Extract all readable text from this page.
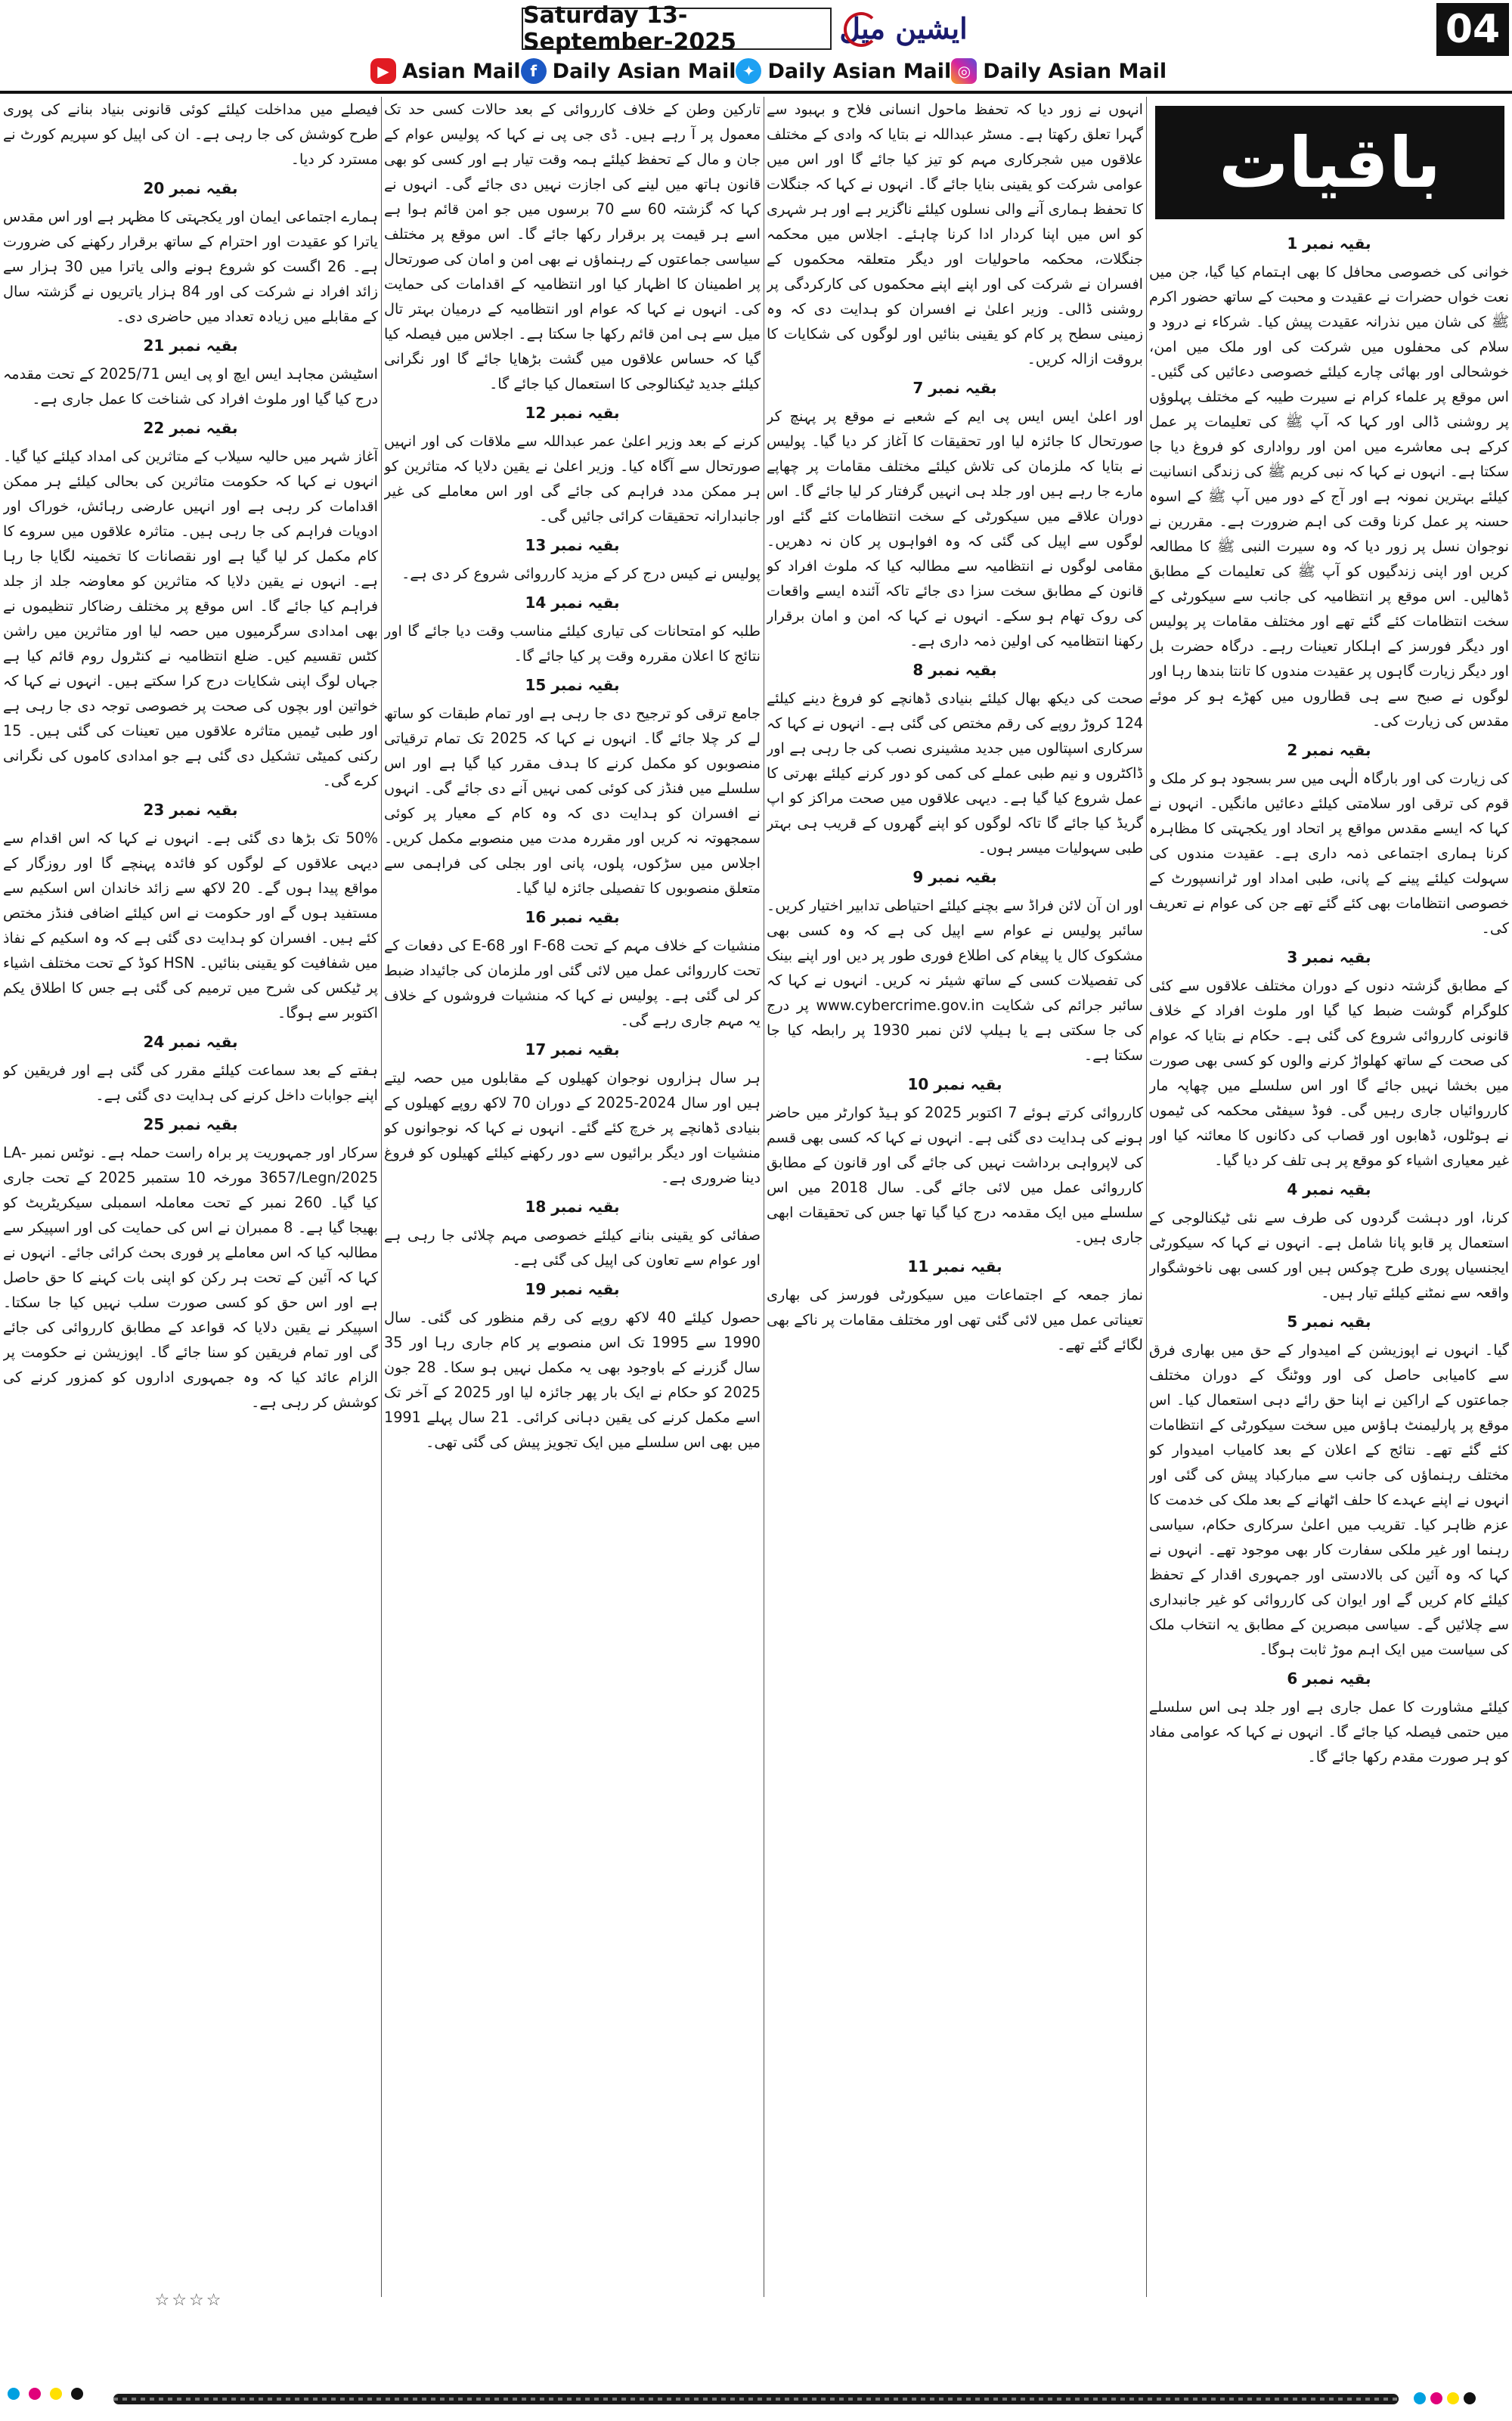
Saturday 13-September-2025	ایشین میل	04
▶ Asian Mail f Daily Asian Mail ✦ Daily Asian Mail ◎ Daily Asian Mail
باقیات
بقیہ نمبر 1

خوانی کی خصوصی محافل کا بھی اہتمام کیا گیا، جن میں نعت خواں حضرات نے عقیدت و محبت کے ساتھ حضور اکرم ﷺ کی شان میں نذرانہ عقیدت پیش کیا۔ شرکاء نے درود و سلام کی محفلوں میں شرکت کی اور ملک میں امن، خوشحالی اور بھائی چارے کیلئے خصوصی دعائیں کی گئیں۔ اس موقع پر علماء کرام نے سیرت طیبہ کے مختلف پہلوؤں پر روشنی ڈالی اور کہا کہ آپ ﷺ کی تعلیمات پر عمل کرکے ہی معاشرے میں امن اور رواداری کو فروغ دیا جا سکتا ہے۔ انہوں نے کہا کہ نبی کریم ﷺ کی زندگی انسانیت کیلئے بہترین نمونہ ہے اور آج کے دور میں آپ ﷺ کے اسوہ حسنہ پر عمل کرنا وقت کی اہم ضرورت ہے۔ مقررین نے نوجوان نسل پر زور دیا کہ وہ سیرت النبی ﷺ کا مطالعہ کریں اور اپنی زندگیوں کو آپ ﷺ کی تعلیمات کے مطابق ڈھالیں۔ اس موقع پر انتظامیہ کی جانب سے سیکورٹی کے سخت انتظامات کئے گئے تھے اور مختلف مقامات پر پولیس اور دیگر فورسز کے اہلکار تعینات رہے۔ درگاہ حضرت بل اور دیگر زیارت گاہوں پر عقیدت مندوں کا تانتا بندھا رہا اور لوگوں نے صبح سے ہی قطاروں میں کھڑے ہو کر موئے مقدس کی زیارت کی۔

بقیہ نمبر 2

کی زیارت کی اور بارگاہ الٰہی میں سر بسجود ہو کر ملک و قوم کی ترقی اور سلامتی کیلئے دعائیں مانگیں۔ انہوں نے کہا کہ ایسے مقدس مواقع پر اتحاد اور یکجہتی کا مظاہرہ کرنا ہماری اجتماعی ذمہ داری ہے۔ عقیدت مندوں کی سہولت کیلئے پینے کے پانی، طبی امداد اور ٹرانسپورٹ کے خصوصی انتظامات بھی کئے گئے تھے جن کی عوام نے تعریف کی۔

بقیہ نمبر 3

کے مطابق گزشتہ دنوں کے دوران مختلف علاقوں سے کئی کلوگرام گوشت ضبط کیا گیا اور ملوث افراد کے خلاف قانونی کارروائی شروع کی گئی ہے۔ حکام نے بتایا کہ عوام کی صحت کے ساتھ کھلواڑ کرنے والوں کو کسی بھی صورت میں بخشا نہیں جائے گا اور اس سلسلے میں چھاپہ مار کارروائیاں جاری رہیں گی۔ فوڈ سیفٹی محکمہ کی ٹیموں نے ہوٹلوں، ڈھابوں اور قصاب کی دکانوں کا معائنہ کیا اور غیر معیاری اشیاء کو موقع پر ہی تلف کر دیا گیا۔

بقیہ نمبر 4

کرنا، اور دہشت گردوں کی طرف سے نئی ٹیکنالوجی کے استعمال پر قابو پانا شامل ہے۔ انہوں نے کہا کہ سیکورٹی ایجنسیاں پوری طرح چوکس ہیں اور کسی بھی ناخوشگوار واقعہ سے نمٹنے کیلئے تیار ہیں۔

بقیہ نمبر 5

گیا۔ انہوں نے اپوزیشن کے امیدوار کے حق میں بھاری فرق سے کامیابی حاصل کی اور ووٹنگ کے دوران مختلف جماعتوں کے اراکین نے اپنا حق رائے دہی استعمال کیا۔ اس موقع پر پارلیمنٹ ہاؤس میں سخت سیکورٹی کے انتظامات کئے گئے تھے۔ نتائج کے اعلان کے بعد کامیاب امیدوار کو مختلف رہنماؤں کی جانب سے مبارکباد پیش کی گئی اور انہوں نے اپنے عہدے کا حلف اٹھانے کے بعد ملک کی خدمت کا عزم ظاہر کیا۔ تقریب میں اعلیٰ سرکاری حکام، سیاسی رہنما اور غیر ملکی سفارت کار بھی موجود تھے۔ انہوں نے کہا کہ وہ آئین کی بالادستی اور جمہوری اقدار کے تحفظ کیلئے کام کریں گے اور ایوان کی کارروائی کو غیر جانبداری سے چلائیں گے۔ سیاسی مبصرین کے مطابق یہ انتخاب ملک کی سیاست میں ایک اہم موڑ ثابت ہوگا۔

بقیہ نمبر 6

کیلئے مشاورت کا عمل جاری ہے اور جلد ہی اس سلسلے میں حتمی فیصلہ کیا جائے گا۔ انہوں نے کہا کہ عوامی مفاد کو ہر صورت مقدم رکھا جائے گا۔

انہوں نے زور دیا کہ تحفظ ماحول انسانی فلاح و بہبود سے گہرا تعلق رکھتا ہے۔ مسٹر عبداللہ نے بتایا کہ وادی کے مختلف علاقوں میں شجرکاری مہم کو تیز کیا جائے گا اور اس میں عوامی شرکت کو یقینی بنایا جائے گا۔ انہوں نے کہا کہ جنگلات کا تحفظ ہماری آنے والی نسلوں کیلئے ناگزیر ہے اور ہر شہری کو اس میں اپنا کردار ادا کرنا چاہئے۔ اجلاس میں محکمہ جنگلات، محکمہ ماحولیات اور دیگر متعلقہ محکموں کے افسران نے شرکت کی اور اپنے اپنے محکموں کی کارکردگی پر روشنی ڈالی۔ وزیر اعلیٰ نے افسران کو ہدایت دی کہ وہ زمینی سطح پر کام کو یقینی بنائیں اور لوگوں کی شکایات کا بروقت ازالہ کریں۔

بقیہ نمبر 7

اور اعلیٰ ایس ایس پی ایم کے شعبے نے موقع پر پہنچ کر صورتحال کا جائزہ لیا اور تحقیقات کا آغاز کر دیا گیا۔ پولیس نے بتایا کہ ملزمان کی تلاش کیلئے مختلف مقامات پر چھاپے مارے جا رہے ہیں اور جلد ہی انہیں گرفتار کر لیا جائے گا۔ اس دوران علاقے میں سیکورٹی کے سخت انتظامات کئے گئے اور لوگوں سے اپیل کی گئی کہ وہ افواہوں پر کان نہ دھریں۔ مقامی لوگوں نے انتظامیہ سے مطالبہ کیا کہ ملوث افراد کو قانون کے مطابق سخت سزا دی جائے تاکہ آئندہ ایسے واقعات کی روک تھام ہو سکے۔ انہوں نے کہا کہ امن و امان برقرار رکھنا انتظامیہ کی اولین ذمہ داری ہے۔

بقیہ نمبر 8

صحت کی دیکھ بھال کیلئے بنیادی ڈھانچے کو فروغ دینے کیلئے 124 کروڑ روپے کی رقم مختص کی گئی ہے۔ انہوں نے کہا کہ سرکاری اسپتالوں میں جدید مشینری نصب کی جا رہی ہے اور ڈاکٹروں و نیم طبی عملے کی کمی کو دور کرنے کیلئے بھرتی کا عمل شروع کیا گیا ہے۔ دیہی علاقوں میں صحت مراکز کو اپ گریڈ کیا جائے گا تاکہ لوگوں کو اپنے گھروں کے قریب ہی بہتر طبی سہولیات میسر ہوں۔

بقیہ نمبر 9

اور ان آن لائن فراڈ سے بچنے کیلئے احتیاطی تدابیر اختیار کریں۔ سائبر پولیس نے عوام سے اپیل کی ہے کہ وہ کسی بھی مشکوک کال یا پیغام کی اطلاع فوری طور پر دیں اور اپنے بینک کی تفصیلات کسی کے ساتھ شیئر نہ کریں۔ انہوں نے کہا کہ سائبر جرائم کی شکایت www.cybercrime.gov.in پر درج کی جا سکتی ہے یا ہیلپ لائن نمبر 1930 پر رابطہ کیا جا سکتا ہے۔

بقیہ نمبر 10

کارروائی کرتے ہوئے 7 اکتوبر 2025 کو ہیڈ کوارٹر میں حاضر ہونے کی ہدایت دی گئی ہے۔ انہوں نے کہا کہ کسی بھی قسم کی لاپرواہی برداشت نہیں کی جائے گی اور قانون کے مطابق کارروائی عمل میں لائی جائے گی۔ سال 2018 میں اس سلسلے میں ایک مقدمہ درج کیا گیا تھا جس کی تحقیقات ابھی جاری ہیں۔

بقیہ نمبر 11

نماز جمعہ کے اجتماعات میں سیکورٹی فورسز کی بھاری تعیناتی عمل میں لائی گئی تھی اور مختلف مقامات پر ناکے بھی لگائے گئے تھے۔

تارکین وطن کے خلاف کارروائی کے بعد حالات کسی حد تک معمول پر آ رہے ہیں۔ ڈی جی پی نے کہا کہ پولیس عوام کے جان و مال کے تحفظ کیلئے ہمہ وقت تیار ہے اور کسی کو بھی قانون ہاتھ میں لینے کی اجازت نہیں دی جائے گی۔ انہوں نے کہا کہ گزشتہ 60 سے 70 برسوں میں جو امن قائم ہوا ہے اسے ہر قیمت پر برقرار رکھا جائے گا۔ اس موقع پر مختلف سیاسی جماعتوں کے رہنماؤں نے بھی امن و امان کی صورتحال پر اطمینان کا اظہار کیا اور انتظامیہ کے اقدامات کی حمایت کی۔ انہوں نے کہا کہ عوام اور انتظامیہ کے درمیان بہتر تال میل سے ہی امن قائم رکھا جا سکتا ہے۔ اجلاس میں فیصلہ کیا گیا کہ حساس علاقوں میں گشت بڑھایا جائے گا اور نگرانی کیلئے جدید ٹیکنالوجی کا استعمال کیا جائے گا۔

بقیہ نمبر 12

کرنے کے بعد وزیر اعلیٰ عمر عبداللہ سے ملاقات کی اور انہیں صورتحال سے آگاہ کیا۔ وزیر اعلیٰ نے یقین دلایا کہ متاثرین کو ہر ممکن مدد فراہم کی جائے گی اور اس معاملے کی غیر جانبدارانہ تحقیقات کرائی جائیں گی۔

بقیہ نمبر 13

پولیس نے کیس درج کر کے مزید کارروائی شروع کر دی ہے۔

بقیہ نمبر 14

طلبہ کو امتحانات کی تیاری کیلئے مناسب وقت دیا جائے گا اور نتائج کا اعلان مقررہ وقت پر کیا جائے گا۔

بقیہ نمبر 15

جامع ترقی کو ترجیح دی جا رہی ہے اور تمام طبقات کو ساتھ لے کر چلا جائے گا۔ انہوں نے کہا کہ 2025 تک تمام ترقیاتی منصوبوں کو مکمل کرنے کا ہدف مقرر کیا گیا ہے اور اس سلسلے میں فنڈز کی کوئی کمی نہیں آنے دی جائے گی۔ انہوں نے افسران کو ہدایت دی کہ وہ کام کے معیار پر کوئی سمجھوتہ نہ کریں اور مقررہ مدت میں منصوبے مکمل کریں۔ اجلاس میں سڑکوں، پلوں، پانی اور بجلی کی فراہمی سے متعلق منصوبوں کا تفصیلی جائزہ لیا گیا۔

بقیہ نمبر 16

منشیات کے خلاف مہم کے تحت 68-F اور 68-E کی دفعات کے تحت کارروائی عمل میں لائی گئی اور ملزمان کی جائیداد ضبط کر لی گئی ہے۔ پولیس نے کہا کہ منشیات فروشوں کے خلاف یہ مہم جاری رہے گی۔

بقیہ نمبر 17

ہر سال ہزاروں نوجوان کھیلوں کے مقابلوں میں حصہ لیتے ہیں اور سال 2024-2025 کے دوران 70 لاکھ روپے کھیلوں کے بنیادی ڈھانچے پر خرچ کئے گئے۔ انہوں نے کہا کہ نوجوانوں کو منشیات اور دیگر برائیوں سے دور رکھنے کیلئے کھیلوں کو فروغ دینا ضروری ہے۔

بقیہ نمبر 18

صفائی کو یقینی بنانے کیلئے خصوصی مہم چلائی جا رہی ہے اور عوام سے تعاون کی اپیل کی گئی ہے۔

بقیہ نمبر 19

حصول کیلئے 40 لاکھ روپے کی رقم منظور کی گئی۔ سال 1990 سے 1995 تک اس منصوبے پر کام جاری رہا اور 35 سال گزرنے کے باوجود بھی یہ مکمل نہیں ہو سکا۔ 28 جون 2025 کو حکام نے ایک بار پھر جائزہ لیا اور 2025 کے آخر تک اسے مکمل کرنے کی یقین دہانی کرائی۔ 21 سال پہلے 1991 میں بھی اس سلسلے میں ایک تجویز پیش کی گئی تھی۔

فیصلے میں مداخلت کیلئے کوئی قانونی بنیاد بنانے کی پوری طرح کوشش کی جا رہی ہے۔ ان کی اپیل کو سپریم کورٹ نے مسترد کر دیا۔

بقیہ نمبر 20

ہمارے اجتماعی ایمان اور یکجہتی کا مظہر ہے اور اس مقدس یاترا کو عقیدت اور احترام کے ساتھ برقرار رکھنے کی ضرورت ہے۔ 26 اگست کو شروع ہونے والی یاترا میں 30 ہزار سے زائد افراد نے شرکت کی اور 84 ہزار یاتریوں نے گزشتہ سال کے مقابلے میں زیادہ تعداد میں حاضری دی۔

بقیہ نمبر 21

اسٹیشن مجاہد ایس ایچ او پی ایس 2025/71 کے تحت مقدمہ درج کیا گیا اور ملوث افراد کی شناخت کا عمل جاری ہے۔

بقیہ نمبر 22

آغاز شہر میں حالیہ سیلاب کے متاثرین کی امداد کیلئے کیا گیا۔ انہوں نے کہا کہ حکومت متاثرین کی بحالی کیلئے ہر ممکن اقدامات کر رہی ہے اور انہیں عارضی رہائش، خوراک اور ادویات فراہم کی جا رہی ہیں۔ متاثرہ علاقوں میں سروے کا کام مکمل کر لیا گیا ہے اور نقصانات کا تخمینہ لگایا جا رہا ہے۔ انہوں نے یقین دلایا کہ متاثرین کو معاوضہ جلد از جلد فراہم کیا جائے گا۔ اس موقع پر مختلف رضاکار تنظیموں نے بھی امدادی سرگرمیوں میں حصہ لیا اور متاثرین میں راشن کٹس تقسیم کیں۔ ضلع انتظامیہ نے کنٹرول روم قائم کیا ہے جہاں لوگ اپنی شکایات درج کرا سکتے ہیں۔ انہوں نے کہا کہ خواتین اور بچوں کی صحت پر خصوصی توجہ دی جا رہی ہے اور طبی ٹیمیں متاثرہ علاقوں میں تعینات کی گئی ہیں۔ 15 رکنی کمیٹی تشکیل دی گئی ہے جو امدادی کاموں کی نگرانی کرے گی۔

بقیہ نمبر 23

50% تک بڑھا دی گئی ہے۔ انہوں نے کہا کہ اس اقدام سے دیہی علاقوں کے لوگوں کو فائدہ پہنچے گا اور روزگار کے مواقع پیدا ہوں گے۔ 20 لاکھ سے زائد خاندان اس اسکیم سے مستفید ہوں گے اور حکومت نے اس کیلئے اضافی فنڈز مختص کئے ہیں۔ افسران کو ہدایت دی گئی ہے کہ وہ اسکیم کے نفاذ میں شفافیت کو یقینی بنائیں۔ HSN کوڈ کے تحت مختلف اشیاء پر ٹیکس کی شرح میں ترمیم کی گئی ہے جس کا اطلاق یکم اکتوبر سے ہوگا۔

بقیہ نمبر 24

ہفتے کے بعد سماعت کیلئے مقرر کی گئی ہے اور فریقین کو اپنے جوابات داخل کرنے کی ہدایت دی گئی ہے۔

بقیہ نمبر 25

سرکار اور جمہوریت پر براہ راست حملہ ہے۔ نوٹس نمبر LA-3657/Legn/2025 مورخہ 10 ستمبر 2025 کے تحت جاری کیا گیا۔ 260 نمبر کے تحت معاملہ اسمبلی سیکریٹریٹ کو بھیجا گیا ہے۔ 8 ممبران نے اس کی حمایت کی اور اسپیکر سے مطالبہ کیا کہ اس معاملے پر فوری بحث کرائی جائے۔ انہوں نے کہا کہ آئین کے تحت ہر رکن کو اپنی بات کہنے کا حق حاصل ہے اور اس حق کو کسی صورت سلب نہیں کیا جا سکتا۔ اسپیکر نے یقین دلایا کہ قواعد کے مطابق کارروائی کی جائے گی اور تمام فریقین کو سنا جائے گا۔ اپوزیشن نے حکومت پر الزام عائد کیا کہ وہ جمہوری اداروں کو کمزور کرنے کی کوشش کر رہی ہے۔

☆☆☆☆
